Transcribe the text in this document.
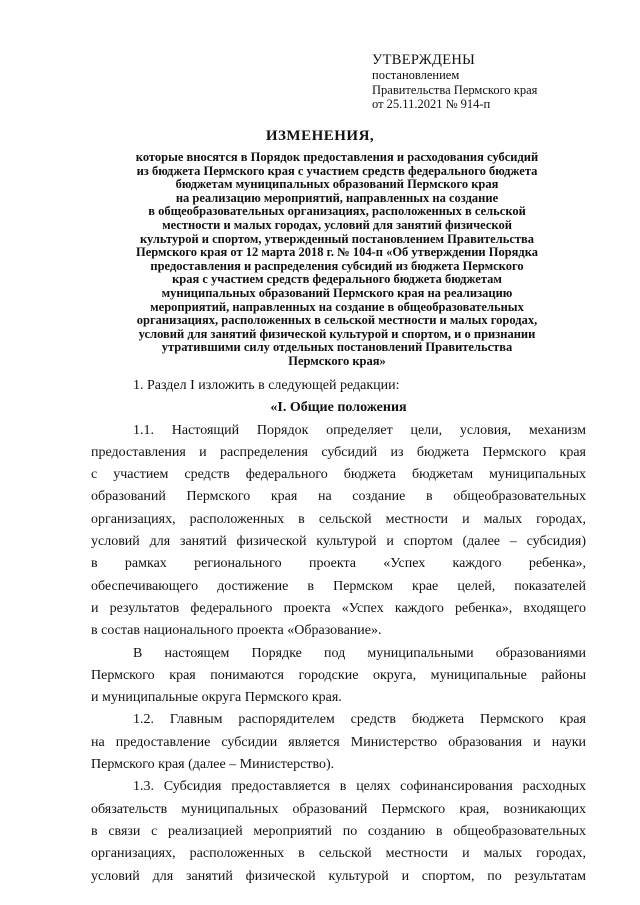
УТВЕРЖДЕНЫ
постановлением
Правительства Пермского края
от 25.11.2021 № 914-п
ИЗМЕНЕНИЯ,
которые вносятся в Порядок предоставления и расходования субсидий
из бюджета Пермского края с участием средств федерального бюджета
бюджетам муниципальных образований Пермского края
на реализацию мероприятий, направленных на создание
в общеобразовательных организациях, расположенных в сельской
местности и малых городах, условий для занятий физической
культурой и спортом, утвержденный постановлением Правительства
Пермского края от 12 марта 2018 г. № 104-п «Об утверждении Порядка
предоставления и распределения субсидий из бюджета Пермского
края с участием средств федерального бюджета бюджетам
муниципальных образований Пермского края на реализацию
мероприятий, направленных на создание в общеобразовательных
организациях, расположенных в сельской местности и малых городах,
условий для занятий физической культурой и спортом, и о признании
утратившими силу отдельных постановлений Правительства
Пермского края»
1. Раздел I изложить в следующей редакции:
«I. Общие положения
1.1. Настоящий Порядок определяет цели, условия, механизм
предоставления и распределения субсидий из бюджета Пермского края
с участием средств федерального бюджета бюджетам муниципальных
образований Пермского края на создание в общеобразовательных
организациях, расположенных в сельской местности и малых городах,
условий для занятий физической культурой и спортом (далее – субсидия)
в рамках регионального проекта «Успех каждого ребенка»,
обеспечивающего достижение в Пермском крае целей, показателей
и результатов федерального проекта «Успех каждого ребенка», входящего
в состав национального проекта «Образование».
В настоящем Порядке под муниципальными образованиями
Пермского края понимаются городские округа, муниципальные районы
и муниципальные округа Пермского края.
1.2. Главным распорядителем средств бюджета Пермского края
на предоставление субсидии является Министерство образования и науки
Пермского края (далее – Министерство).
1.3. Субсидия предоставляется в целях софинансирования расходных
обязательств муниципальных образований Пермского края, возникающих
в связи с реализацией мероприятий по созданию в общеобразовательных
организациях, расположенных в сельской местности и малых городах,
условий для занятий физической культурой и спортом, по результатам
